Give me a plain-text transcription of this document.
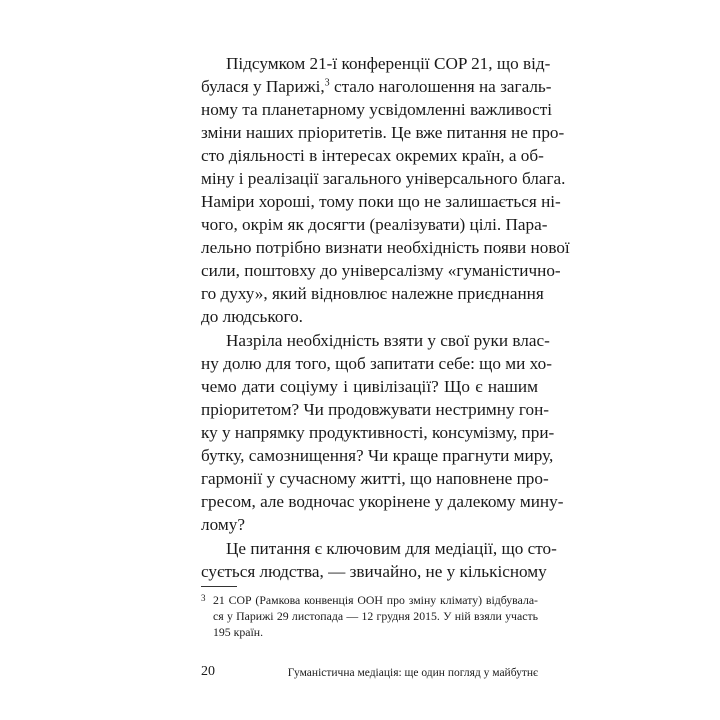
Підсумком 21-ї конференції COP 21, що від-
булася у Парижі,$^3$ стало наголошення на загаль-
ному та планетарному усвідомленні важливості
зміни наших пріоритетів. Це вже питання не про-
сто діяльності в інтересах окремих країн, а об-
міну і реалізації загального універсального блага.
Наміри хороші, тому поки що не залишається ні-
чого, окрім як досягти (реалізувати) цілі. Пара-
лельно потрібно визнати необхідність появи нової
сили, поштовху до універсалізму «гуманістично-
го духу», який відновлює належне приєднання
до людського.
Назріла необхідність взяти у свої руки влас-
ну долю для того, щоб запитати себе: що ми хо-
чемо дати соціуму і цивілізації? Що є нашим
пріоритетом? Чи продовжувати нестримну гон-
ку у напрямку продуктивності, консумізму, при-
бутку, самознищення? Чи краще прагнути миру,
гармонії у сучасному житті, що наповнене про-
гресом, але водночас укорінене у далекому мину-
лому?
Це питання є ключовим для медіації, що сто-
сується людства, — звичайно, не у кількісному
3 21 СОР (Рамкова конвенція ООН про зміну клімату) відбувала-
ся у Парижі 29 листопада — 12 грудня 2015. У ній взяли участь
195 країн.
20	Гуманістична медіація: ще один погляд у майбутнє
